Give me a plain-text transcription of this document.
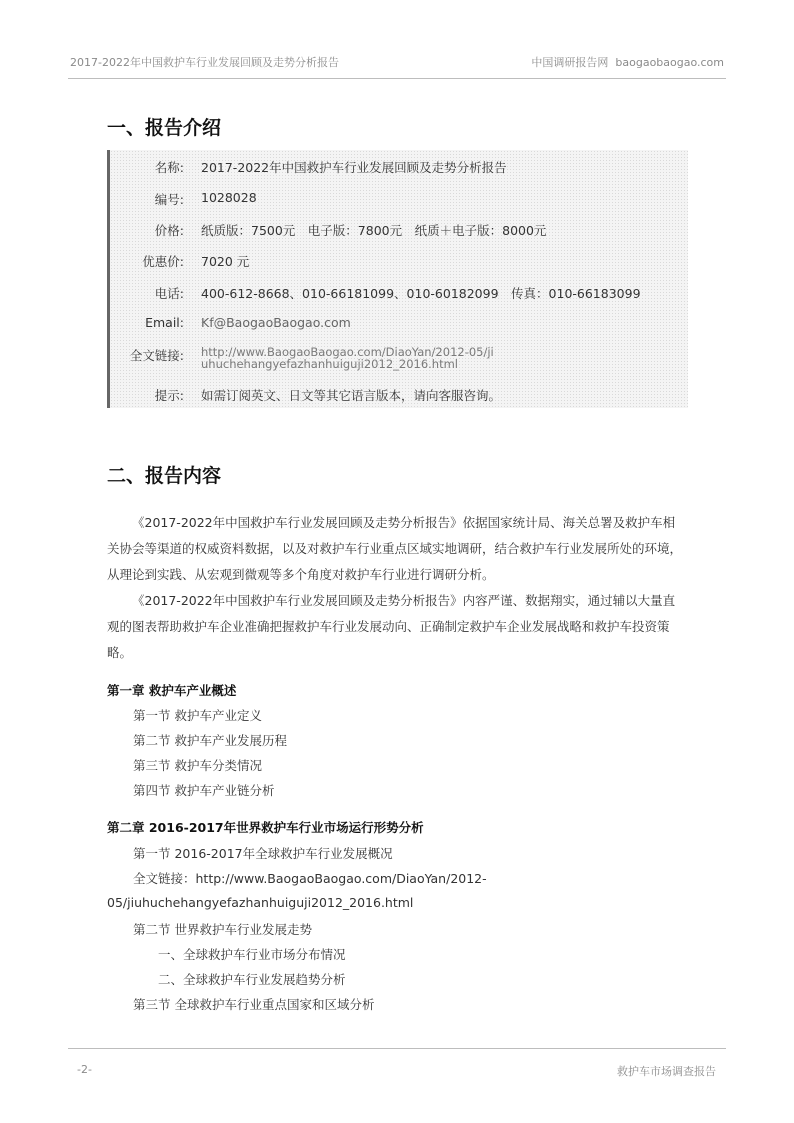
2017-2022年中国救护车行业发展回顾及走势分析报告	中国调研报告网 baogaobaogao.com
一、报告介绍
名称: 2017-2022年中国救护车行业发展回顾及走势分析报告
编号: 1028028
价格: 纸质版：7500元　电子版：7800元　纸质＋电子版：8000元
优惠价: 7020 元
电话: 400-612-8668、010-66181099、010-60182099　传真：010-66183099
Email: Kf@BaogaoBaogao.com
全文链接: http://www.BaogaoBaogao.com/DiaoYan/2012-05/jiuhuchehangyefazhanhuiguji2012_2016.html
提示: 如需订阅英文、日文等其它语言版本，请向客服咨询。
二、报告内容

《2017-2022年中国救护车行业发展回顾及走势分析报告》依据国家统计局、海关总署及救护车相关协会等渠道的权威资料数据，以及对救护车行业重点区域实地调研，结合救护车行业发展所处的环境，从理论到实践、从宏观到微观等多个角度对救护车行业进行调研分析。

《2017-2022年中国救护车行业发展回顾及走势分析报告》内容严谨、数据翔实，通过辅以大量直观的图表帮助救护车企业准确把握救护车行业发展动向、正确制定救护车企业发展战略和救护车投资策略。

第一章 救护车产业概述
第一节 救护车产业定义
第二节 救护车产业发展历程
第三节 救护车分类情况
第四节 救护车产业链分析
第二章 2016-2017年世界救护车行业市场运行形势分析
第一节 2016-2017年全球救护车行业发展概况
全文链接：http://www.BaogaoBaogao.com/DiaoYan/2012-
05/jiuhuchehangyefazhanhuiguji2012_2016.html
第二节 世界救护车行业发展走势
一、全球救护车行业市场分布情况
二、全球救护车行业发展趋势分析
第三节 全球救护车行业重点国家和区域分析
-2-	救护车市场调查报告
